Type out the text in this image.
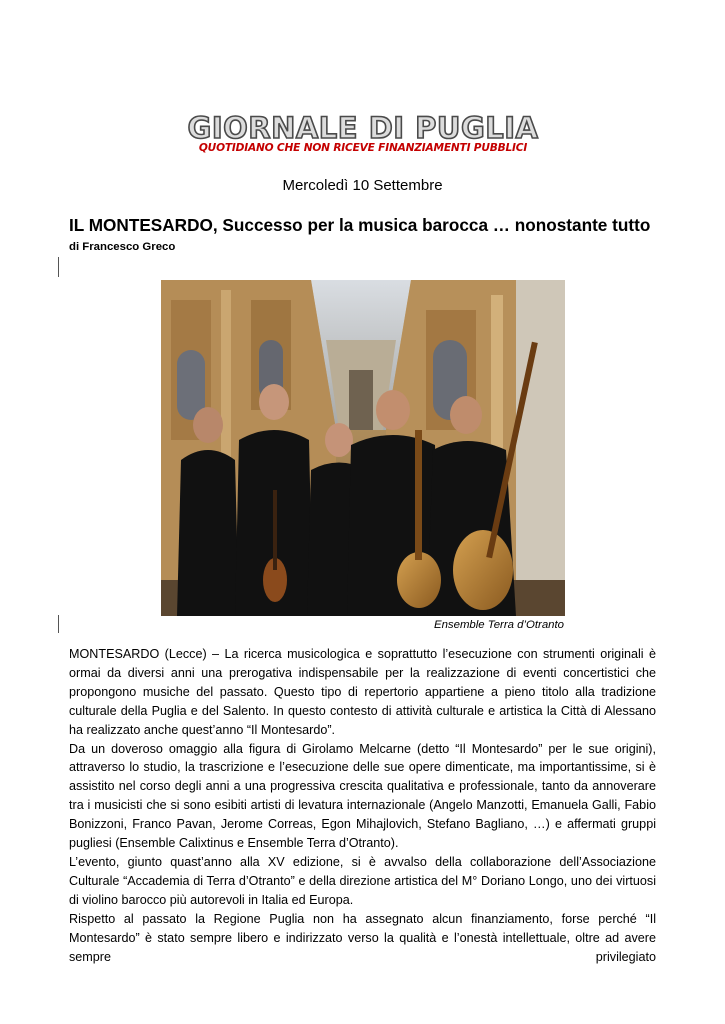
GIORNALE DI PUGLIA
QUOTIDIANO CHE NON RICEVE FINANZIAMENTI PUBBLICI
Mercoledì 10 Settembre
IL MONTESARDO, Successo per la musica barocca … nonostante tutto
di Francesco Greco
Ensemble Terra d’Otranto

MONTESARDO (Lecce) – La ricerca musicologica e soprattutto l’esecuzione con strumenti originali è ormai da diversi anni una prerogativa indispensabile per la realizzazione di eventi concertistici che propongono musiche del passato. Questo tipo di repertorio appartiene a pieno titolo alla tradizione culturale della Puglia e del Salento. In questo contesto di attività culturale e artistica la Città di Alessano ha realizzato anche quest’anno “Il Montesardo”.

Da un doveroso omaggio alla figura di Girolamo Melcarne (detto “Il Montesardo” per le sue origini), attraverso lo studio, la trascrizione e l’esecuzione delle sue opere dimenticate, ma importantissime, si è assistito nel corso degli anni a una progressiva crescita qualitativa e professionale, tanto da annoverare tra i musicisti che si sono esibiti artisti di levatura internazionale (Angelo Manzotti, Emanuela Galli, Fabio Bonizzoni, Franco Pavan, Jerome Correas, Egon Mihajlovich, Stefano Bagliano, …) e affermati gruppi pugliesi (Ensemble Calixtinus e Ensemble Terra d’Otranto).

L’evento, giunto quast’anno alla XV edizione, si è avvalso della collaborazione dell’Associazione Culturale “Accademia di Terra d’Otranto” e della direzione artistica del M° Doriano Longo, uno dei virtuosi di violino barocco più autorevoli in Italia ed Europa.

Rispetto al passato la Regione Puglia non ha assegnato alcun finanziamento, forse perché “Il Montesardo” è stato sempre libero e indirizzato verso la qualità e l’onestà intellettuale, oltre ad avere sempre privilegiato
